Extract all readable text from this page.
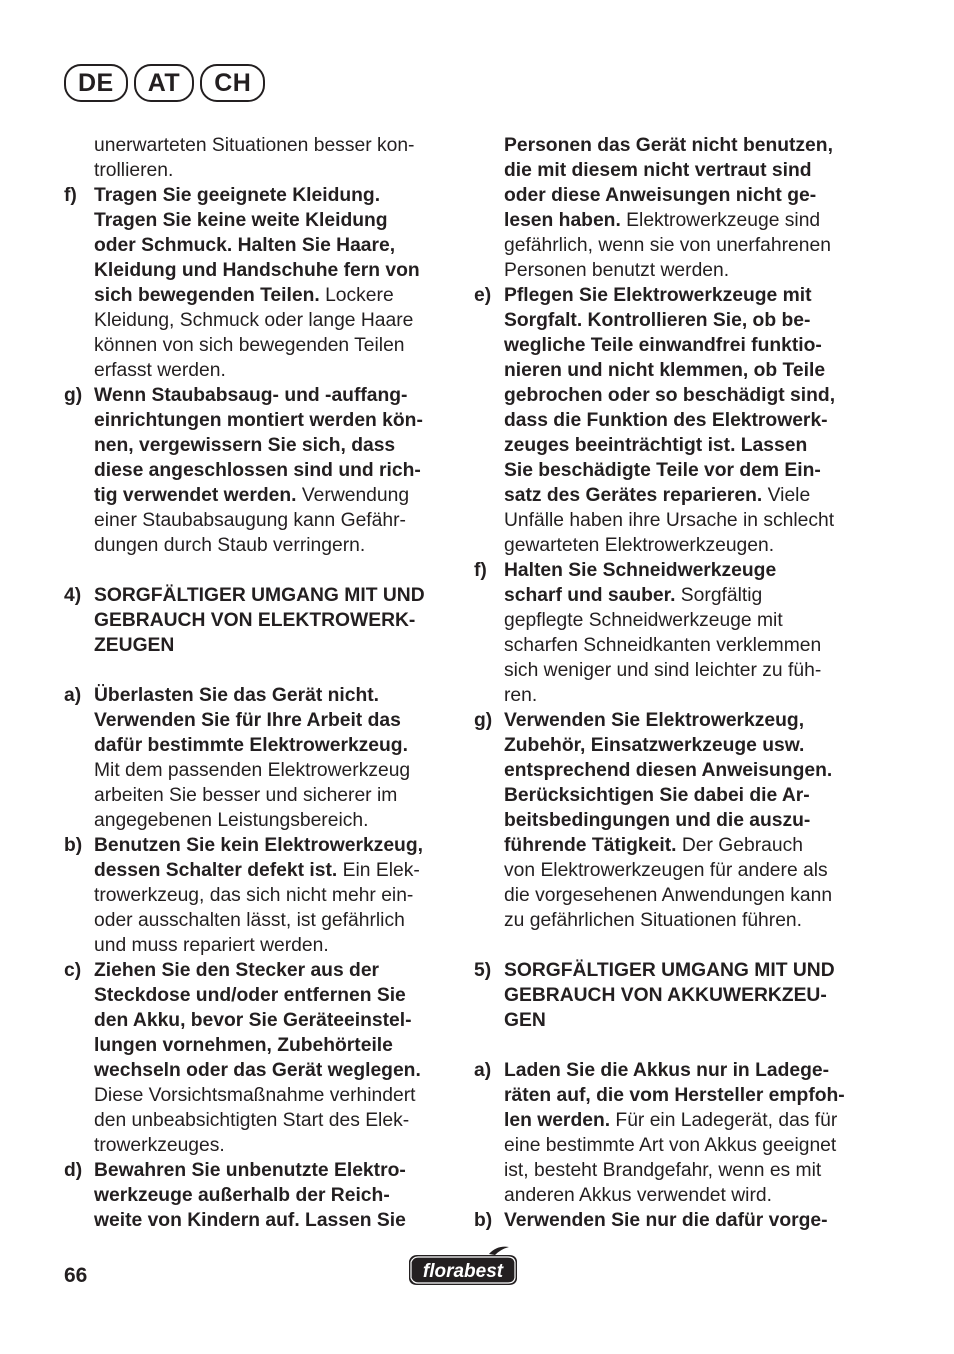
DE	AT	CH
unerwarteten Situationen besser kon-
trollieren.
f) Tragen Sie geeignete Kleidung.
Tragen Sie keine weite Kleidung
oder Schmuck. Halten Sie Haare,
Kleidung und Handschuhe fern von
sich bewegenden Teilen. Lockere
Kleidung, Schmuck oder lange Haare
können von sich bewegenden Teilen
erfasst werden.
g) Wenn Staubabsaug- und -auffang-
einrichtungen montiert werden kön-
nen, vergewissern Sie sich, dass
diese angeschlossen sind und rich-
tig verwendet werden. Verwendung
einer Staubabsaugung kann Gefähr-
dungen durch Staub verringern.
4) SORGFÄLTIGER UMGANG MIT UND
GEBRAUCH VON ELEKTROWERK-
ZEUGEN
a) Überlasten Sie das Gerät nicht.
Verwenden Sie für Ihre Arbeit das
dafür bestimmte Elektrowerkzeug.
Mit dem passenden Elektrowerkzeug
arbeiten Sie besser und sicherer im
angegebenen Leistungsbereich.
b) Benutzen Sie kein Elektrowerkzeug,
dessen Schalter defekt ist. Ein Elek-
trowerkzeug, das sich nicht mehr ein-
oder ausschalten lässt, ist gefährlich
und muss repariert werden.
c) Ziehen Sie den Stecker aus der
Steckdose und/oder entfernen Sie
den Akku, bevor Sie Geräteeinstel-
lungen vornehmen, Zubehörteile
wechseln oder das Gerät weglegen.
Diese Vorsichtsmaßnahme verhindert
den unbeabsichtigten Start des Elek-
trowerkzeuges.
d) Bewahren Sie unbenutzte Elektro-
werkzeuge außerhalb der Reich-
weite von Kindern auf. Lassen Sie
Personen das Gerät nicht benutzen,
die mit diesem nicht vertraut sind
oder diese Anweisungen nicht ge-
lesen haben. Elektrowerkzeuge sind
gefährlich, wenn sie von unerfahrenen
Personen benutzt werden.
e) Pflegen Sie Elektrowerkzeuge mit
Sorgfalt. Kontrollieren Sie, ob be-
wegliche Teile einwandfrei funktio-
nieren und nicht klemmen, ob Teile
gebrochen oder so beschädigt sind,
dass die Funktion des Elektrowerk-
zeuges beeinträchtigt ist. Lassen
Sie beschädigte Teile vor dem Ein-
satz des Gerätes reparieren. Viele
Unfälle haben ihre Ursache in schlecht
gewarteten Elektrowerkzeugen.
f) Halten Sie Schneidwerkzeuge
scharf und sauber. Sorgfältig
gepflegte Schneidwerkzeuge mit
scharfen Schneidkanten verklemmen
sich weniger und sind leichter zu füh-
ren.
g) Verwenden Sie Elektrowerkzeug,
Zubehör, Einsatzwerkzeuge usw.
entsprechend diesen Anweisungen.
Berücksichtigen Sie dabei die Ar-
beitsbedingungen und die auszu-
führende Tätigkeit. Der Gebrauch
von Elektrowerkzeugen für andere als
die vorgesehenen Anwendungen kann
zu gefährlichen Situationen führen.
5) SORGFÄLTIGER UMGANG MIT UND
GEBRAUCH VON AKKUWERKZEU-
GEN
a) Laden Sie die Akkus nur in Ladege-
räten auf, die vom Hersteller empfoh-
len werden. Für ein Ladegerät, das für
eine bestimmte Art von Akkus geeignet
ist, besteht Brandgefahr, wenn es mit
anderen Akkus verwendet wird.
b) Verwenden Sie nur die dafür vorge-
66	florabest
